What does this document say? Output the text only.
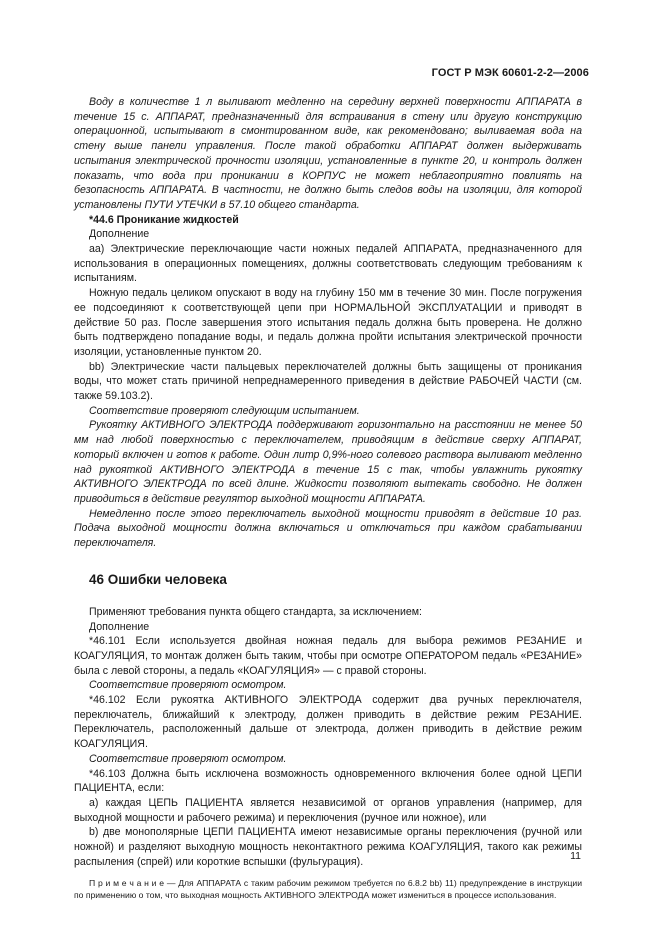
ГОСТ Р МЭК 60601-2-2—2006

Воду в количестве 1 л выливают медленно на середину верхней поверхности АППАРАТА в течение 15 с. АППАРАТ, предназначенный для встраивания в стену или другую конструкцию операционной, испытывают в смонтированном виде, как рекомендовано; выливаемая вода на стену выше панели управления. После такой обработки АППАРАТ должен выдерживать испытания электрической прочности изоляции, установленные в пункте 20, и контроль должен показать, что вода при проникании в КОРПУС не может неблагоприятно повлиять на безопасность АППАРАТА. В частности, не должно быть следов воды на изоляции, для которой установлены ПУТИ УТЕЧКИ в 57.10 общего стандарта.

*44.6 Проникание жидкостей

Дополнение

аа) Электрические переключающие части ножных педалей АППАРАТА, предназначенного для использования в операционных помещениях, должны соответствовать следующим требованиям к испытаниям.

Ножную педаль целиком опускают в воду на глубину 150 мм в течение 30 мин. После погружения ее подсоединяют к соответствующей цепи при НОРМАЛЬНОЙ ЭКСПЛУАТАЦИИ и приводят в действие 50 раз. После завершения этого испытания педаль должна быть проверена. Не должно быть подтверждено попадание воды, и педаль должна пройти испытания электрической прочности изоляции, установленные пунктом 20.

bb) Электрические части пальцевых переключателей должны быть защищены от проникания воды, что может стать причиной непреднамеренного приведения в действие РАБОЧЕЙ ЧАСТИ (см. также 59.103.2).

Соответствие проверяют следующим испытанием.

Рукоятку АКТИВНОГО ЭЛЕКТРОДА поддерживают горизонтально на расстоянии не менее 50 мм над любой поверхностью с переключателем, приводящим в действие сверху АППАРАТ, который включен и готов к работе. Один литр 0,9%-ного солевого раствора выливают медленно над рукояткой АКТИВНОГО ЭЛЕКТРОДА в течение 15 с так, чтобы увлажнить рукоятку АКТИВНОГО ЭЛЕКТРОДА по всей длине. Жидкости позволяют вытекать свободно. Не должен приводиться в действие регулятор выходной мощности АППАРАТА.

Немедленно после этого переключатель выходной мощности приводят в действие 10 раз. Подача выходной мощности должна включаться и отключаться при каждом срабатывании переключателя.

46 Ошибки человека

Применяют требования пункта общего стандарта, за исключением:

Дополнение

*46.101 Если используется двойная ножная педаль для выбора режимов РЕЗАНИЕ и КОАГУЛЯЦИЯ, то монтаж должен быть таким, чтобы при осмотре ОПЕРАТОРОМ педаль «РЕЗАНИЕ» была с левой стороны, а педаль «КОАГУЛЯЦИЯ» — с правой стороны.

Соответствие проверяют осмотром.

*46.102 Если рукоятка АКТИВНОГО ЭЛЕКТРОДА содержит два ручных переключателя, переключатель, ближайший к электроду, должен приводить в действие режим РЕЗАНИЕ. Переключатель, расположенный дальше от электрода, должен приводить в действие режим КОАГУЛЯЦИЯ.

Соответствие проверяют осмотром.

*46.103 Должна быть исключена возможность одновременного включения более одной ЦЕПИ ПАЦИЕНТА, если:

а) каждая ЦЕПЬ ПАЦИЕНТА является независимой от органов управления (например, для выходной мощности и рабочего режима) и переключения (ручное или ножное), или

b) две монополярные ЦЕПИ ПАЦИЕНТА имеют независимые органы переключения (ручной или ножной) и разделяют выходную мощность неконтактного режима КОАГУЛЯЦИЯ, такого как режимы распыления (спрей) или короткие вспышки (фульгурация).

П р и м е ч а н и е — Для АППАРАТА с таким рабочим режимом требуется по 6.8.2 bb) 11) предупреждение в инструкции по применению о том, что выходная мощность АКТИВНОГО ЭЛЕКТРОДА может измениться в процессе использования.
11
